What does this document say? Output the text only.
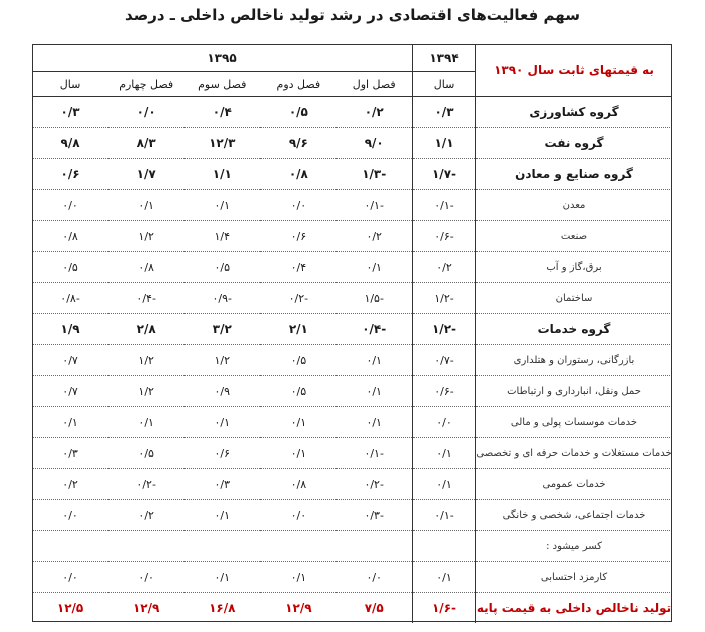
سهم فعالیت‌های اقتصادی در رشد تولید ناخالص داخلی ـ درصد
به قیمتهای ثابت سال ۱۳۹۰	۱۳۹۴	۱۳۹۵				
	سال	فصل اول	فصل دوم	فصل سوم	فصل چهارم	سال
گروه کشاورزی	۰/۳	۰/۲	۰/۵	۰/۴	۰/۰	۰/۳
گروه نفت	۱/۱	۹/۰	۹/۶	۱۲/۳	۸/۳	۹/۸
گروه صنایع و معادن	-۱/۷	-۱/۳	۰/۸	۱/۱	۱/۷	۰/۶
معدن	-۰/۱	-۰/۱	۰/۰	۰/۱	۰/۱	۰/۰
صنعت	-۰/۶	۰/۲	۰/۶	۱/۴	۱/۲	۰/۸
برق،گاز و آب	۰/۲	۰/۱	۰/۴	۰/۵	۰/۸	۰/۵
ساختمان	-۱/۲	-۱/۵	-۰/۲	-۰/۹	-۰/۴	-۰/۸
گروه خدمات	-۱/۲	-۰/۴	۲/۱	۳/۲	۲/۸	۱/۹
بازرگانی، رستوران و هتلداری	-۰/۷	۰/۱	۰/۵	۱/۲	۱/۲	۰/۷
حمل ونقل، انبارداری و ارتباطات	-۰/۶	۰/۱	۰/۵	۰/۹	۱/۲	۰/۷
خدمات موسسات پولی و مالی	۰/۰	۰/۱	۰/۱	۰/۱	۰/۱	۰/۱
خدمات مستغلات و خدمات حرفه ای و تخصصی	۰/۱	-۰/۱	۰/۱	۰/۶	۰/۵	۰/۳
خدمات عمومی	۰/۱	-۰/۲	۰/۸	۰/۳	-۰/۲	۰/۲
خدمات اجتماعی، شخصی و خانگی	-۰/۱	-۰/۳	۰/۰	۰/۱	۰/۲	۰/۰
کسر میشود :						
کارمزد احتسابی	۰/۱	۰/۰	۰/۱	۰/۱	۰/۰	۰/۰
تولید ناخالص داخلی به قیمت پایه	-۱/۶	۷/۵	۱۲/۹	۱۶/۸	۱۲/۹	۱۲/۵
